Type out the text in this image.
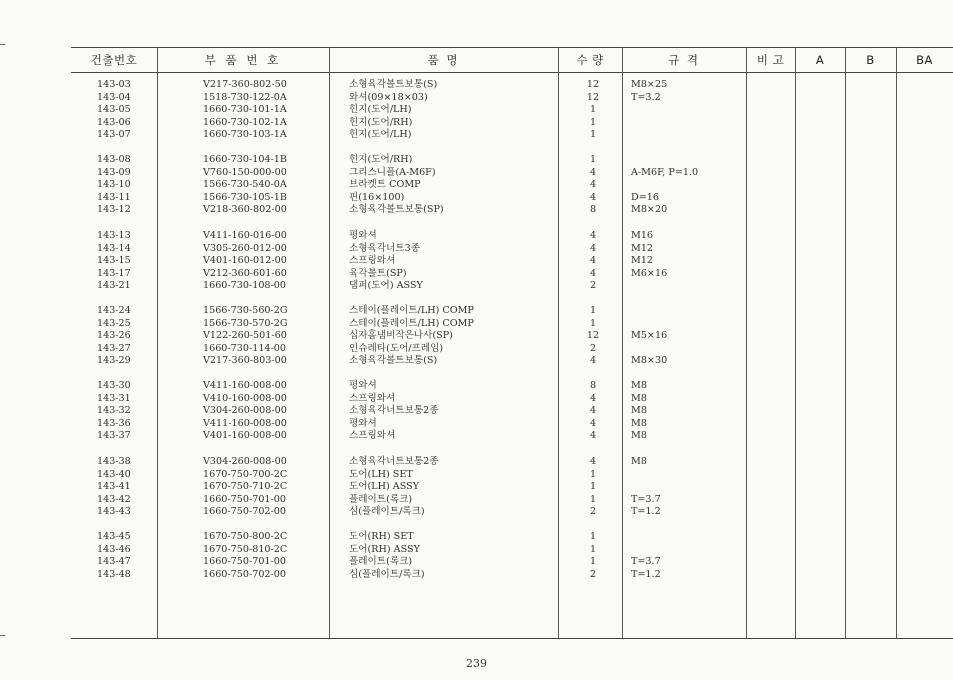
건출번호	부 품 번 호	품 명	수 량	규 격	비 고	A	B	BA
143-03	V217-360-802-50	소형육각볼트보통(S)	12	M8×25
143-04	1518-730-122-0A	와셔(09×18×03)	12	T=3.2
143-05	1660-730-101-1A	힌지(도어/LH)	1
143-06	1660-730-102-1A	힌지(도어/RH)	1
143-07	1660-730-103-1A	힌지(도어/LH)	1
143-08	1660-730-104-1B	힌지(도어/RH)	1
143-09	V760-150-000-00	그리스니플(A-M6F)	4	A-M6F, P=1.0
143-10	1566-730-540-0A	브라켓트 COMP	4
143-11	1566-730-105-1B	핀(16×100)	4	D=16
143-12	V218-360-802-00	소형육각볼트보통(SP)	8	M8×20
143-13	V411-160-016-00	평와셔	4	M16
143-14	V305-260-012-00	소형육각너트3종	4	M12
143-15	V401-160-012-00	스프링와셔	4	M12
143-17	V212-360-601-60	육각볼트(SP)	4	M6×16
143-21	1660-730-108-00	댐퍼(도어) ASSY	2
143-24	1566-730-560-2G	스테이(플레이트/LH) COMP	1
143-25	1566-730-570-2G	스테이(플레이트/LH) COMP	1
143-26	V122-260-501-60	십자홈냄비작은나사(SP)	12	M5×16
143-27	1660-730-114-00	인슈레타(도어/프레임)	2
143-29	V217-360-803-00	소형육각볼트보통(S)	4	M8×30
143-30	V411-160-008-00	평와셔	8	M8
143-31	V410-160-008-00	스프링와셔	4	M8
143-32	V304-260-008-00	소형육각너트보통2종	4	M8
143-36	V411-160-008-00	평와셔	4	M8
143-37	V401-160-008-00	스프링와셔	4	M8
143-38	V304-260-008-00	소형육각너트보통2종	4	M8
143-40	1670-750-700-2C	도어(LH) SET	1
143-41	1670-750-710-2C	도어(LH) ASSY	1
143-42	1660-750-701-00	플레이트(록크)	1	T=3.7
143-43	1660-750-702-00	심(플레이트/록크)	2	T=1.2
143-45	1670-750-800-2C	도어(RH) SET	1
143-46	1670-750-810-2C	도어(RH) ASSY	1
143-47	1660-750-701-00	플레이트(록크)	1	T=3.7
143-48	1660-750-702-00	심(플레이트/록크)	2	T=1.2
239
